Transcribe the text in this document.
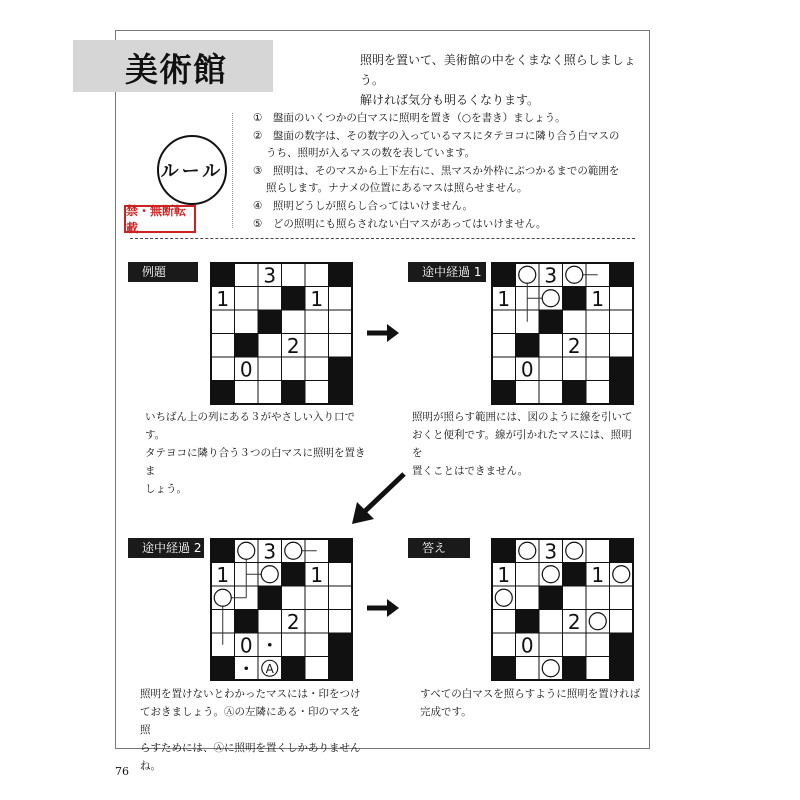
美術館	照明を置いて、美術館の中をくまなく照らしましょう。
解ければ気分も明るくなります。
ルール
禁・無断転載
①　盤面のいくつかの白マスに照明を置き（○を書き）ましょう。
②　盤面の数字は、その数字の入っているマスにタテヨコに隣り合う白マスの
うち、照明が入るマスの数を表しています。
③　照明は、そのマスから上下左右に、黒マスか外枠にぶつかるまでの範囲を
照らします。ナナメの位置にあるマスは照らせません。
④　照明どうしが照らし合ってはいけません。
⑤　どの照明にも照らされない白マスがあってはいけません。
例題	3
1	1
2
0
いちばん上の列にある３がやさしい入り口です。
タテヨコに隣り合う３つの白マスに照明を置きま
しょう。
途中経過 1	3
1	1
2
0
照明が照らす範囲には、図のように線を引いて
おくと便利です。線が引かれたマスには、照明を
置くことはできません。
途中経過 2	3
1	1
2
0
A
照明を置けないとわかったマスには・印をつけ
ておきましょう。Ⓐの左隣にある・印のマスを照
らすためには、Ⓐに照明を置くしかありませんね。
答え	3
1	1
2
0
すべての白マスを照らすように照明を置ければ
完成です。
76
